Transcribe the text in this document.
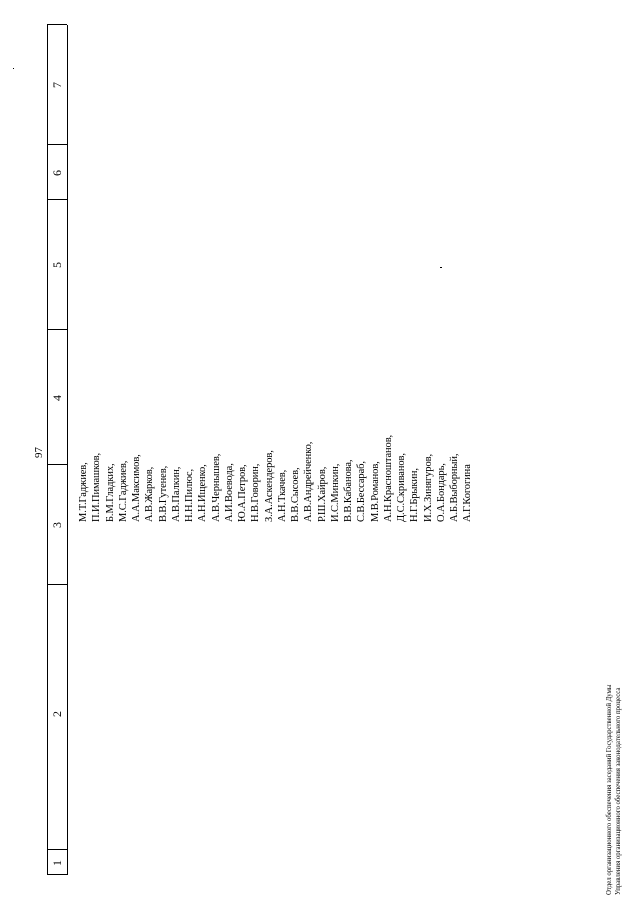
97
1
2
3
4
5
6
7
М.Т.Гаджиев, П.И.Пимашков, Б.М.Гладких, М.С.Гаджиев, А.А.Максимов, А.В.Жарков, В.В.Гутенев, А.В.Палкин, Н.Н.Пилюс, А.Н.Ищенко, А.В.Чернышев, А.И.Воевода, Ю.А.Петров, Н.В.Говорин, З.А.Аскендеров, А.Н.Ткачев, В.В.Сысоев, А.В.Андрейченко, Р.Ш.Хайров, И.С.Минкин, В.В.Кабанова, С.В.Бессараб, М.В.Романов, А.Н.Красноштанов, Д.С.Скриванов, Н.Г.Брыкин, И.Х.Зинягуров, О.А.Бондарь, А.Б.Выборный, А.Г.Когогина
Отдел организационного обеспечения заседаний Государственной Думы Управления организационного обеспечения законодательного процесса
